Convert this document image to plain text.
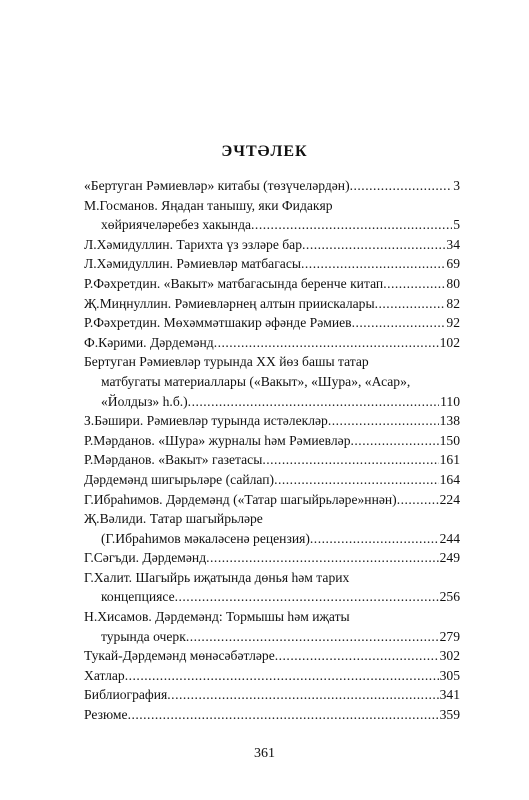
ЭЧТӘЛЕК
«Бертуган Рәмиевләр» китабы (төзүчеләрдән) .....	3
М.Госманов. Яңадан танышу, яки Фидакяр
хөйриячеләребез хакында .....	5
Л.Хәмидуллин. Тарихта үз эзләре бар .....	34
Л.Хәмидуллин. Рәмиевләр матбагасы .....	69
Р.Фәхретдин. «Вакыт» матбагасында беренче китап .....	80
Җ.Миңнуллин. Рәмиевләрнең алтын приискалары .....	82
Р.Фәхретдин. Мөхәммәтшакир әфәнде Рәмиев .....	92
Ф.Кәрими. Дәрдемәнд .....	102
Бертуган Рәмиевләр турында XX йөз башы татар
матбугаты материаллары («Вакыт», «Шура», «Асар»,
«Йолдыз» һ.б.) .....	110
З.Бәшири. Рәмиевләр турында истәлекләр .....	138
Р.Мәрданов. «Шура» журналы һәм Рәмиевләр .....	150
Р.Мәрданов. «Вакыт» газетасы .....	161
Дәрдемәнд шигырьләре (сайлап) .....	164
Г.Ибраһимов. Дәрдемәнд («Татар шагыйрьләре»ннән) .....	224
Җ.Вәлиди. Татар шагыйрьләре
(Г.Ибраһимов мәкаләсенә рецензия) .....	244
Г.Сәгъди. Дәрдемәнд .....	249
Г.Халит. Шагыйрь иҗатында дөнья һәм тарих
концепциясе .....	256
Н.Хисамов. Дәрдемәнд: Тормышы һәм иҗаты
турында очерк .....	279
Тукай-Дәрдемәнд мөнәсәбәтләре .....	302
Хатлар .....	305
Библиография .....	341
Резюме .....	359
361
